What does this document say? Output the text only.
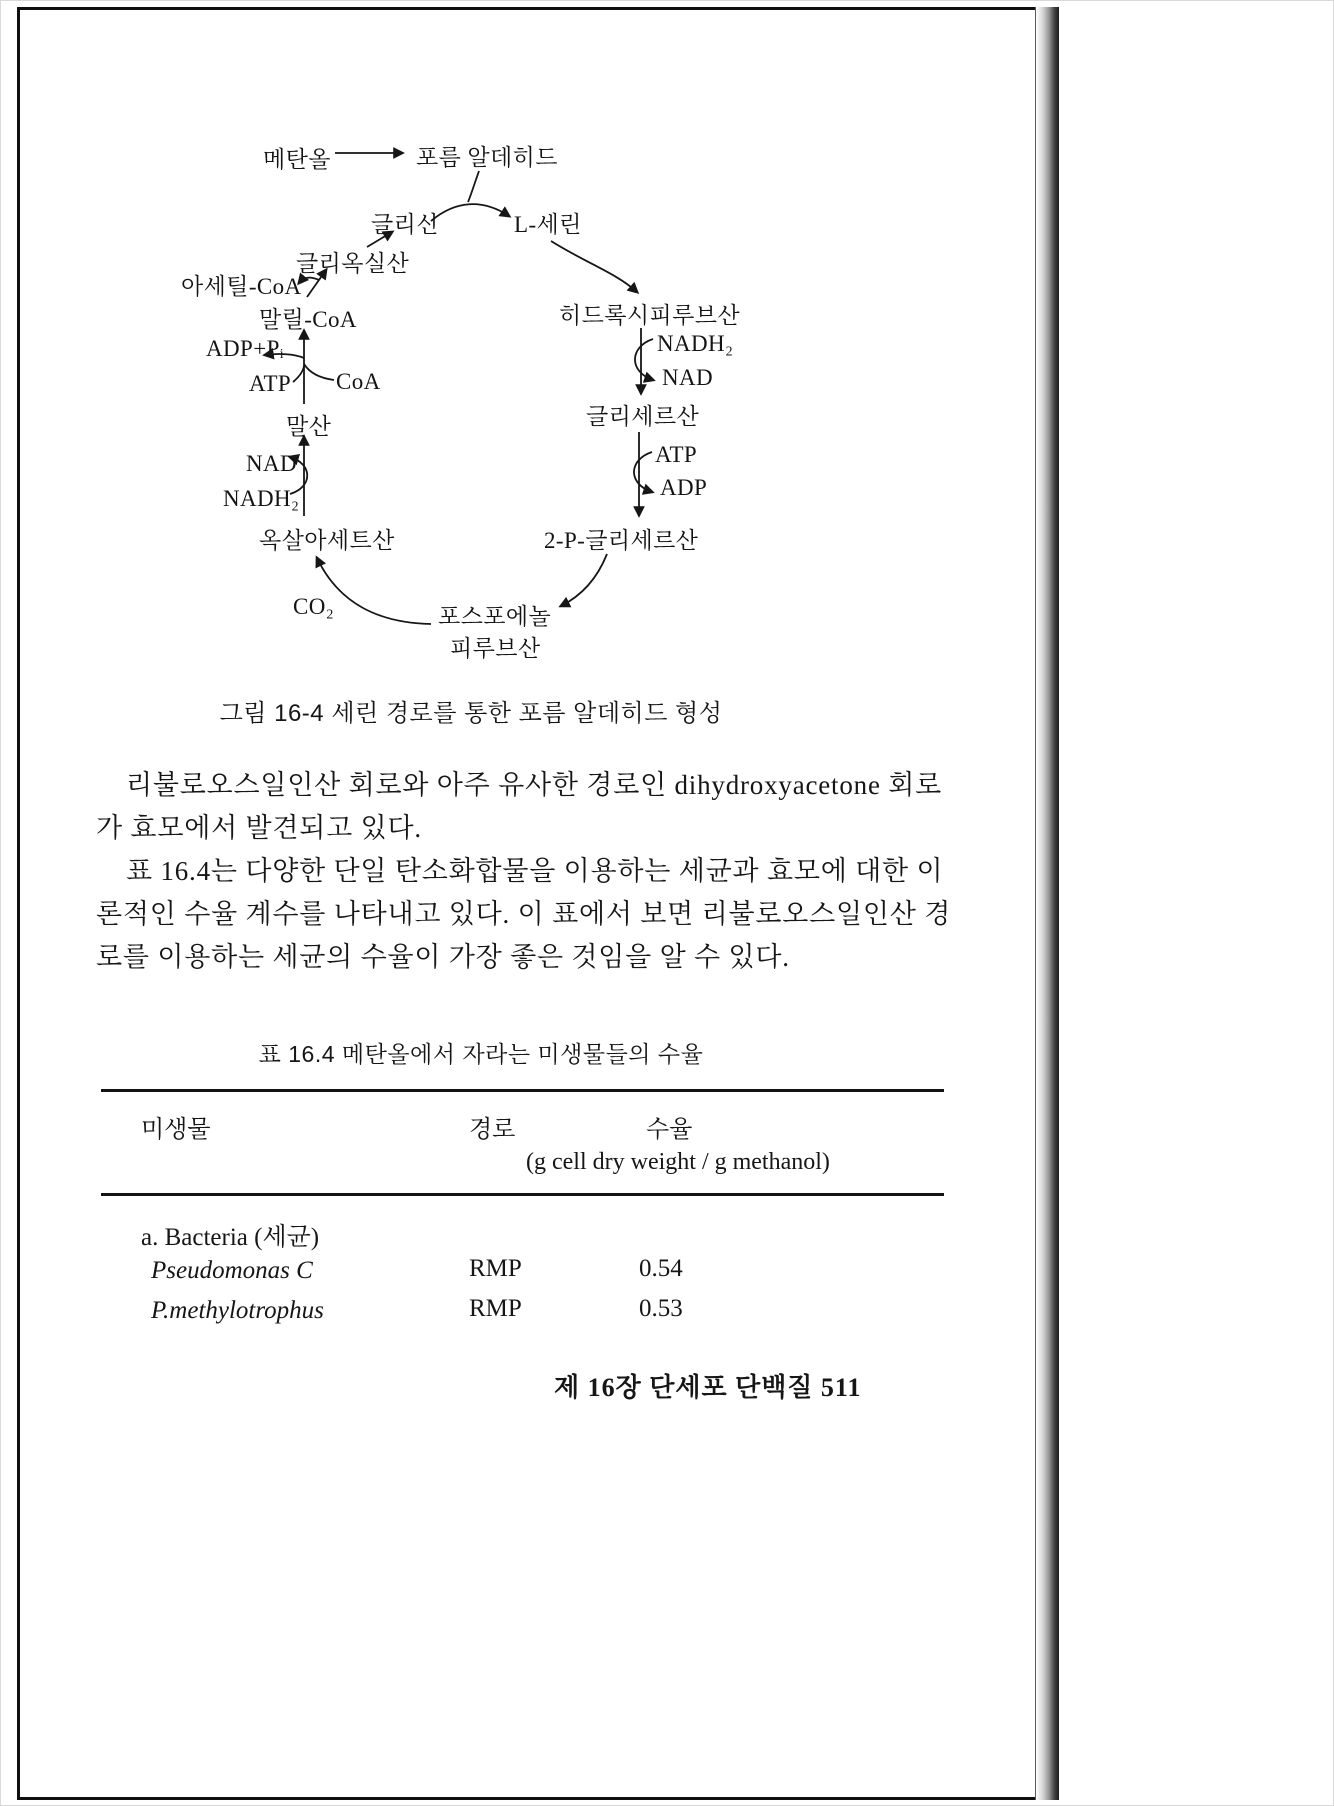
메탄올	포름 알데히드
글리신	L-세린
글리옥실산
아세틸-CoA
말릴-CoA
ADP+Pᵢ
ATP CoA
말산
NAD
NADH₂
옥살아세트산
CO₂	포스포에놀
피루브산
히드록시피루브산
NADH₂
NAD
글리세르산
ATP
ADP
2-P-글리세르산
그림 16-4 세린 경로를 통한 포름 알데히드 형성
리불로오스일인산 회로와 아주 유사한 경로인 dihydroxyacetone 회로
가 효모에서 발견되고 있다.
표 16.4는 다양한 단일 탄소화합물을 이용하는 세균과 효모에 대한 이
론적인 수율 계수를 나타내고 있다. 이 표에서 보면 리불로오스일인산 경
로를 이용하는 세균의 수율이 가장 좋은 것임을 알 수 있다.
표 16.4 메탄올에서 자라는 미생물들의 수율
미생물	경로	수율
(g cell dry weight / g methanol)
a. Bacteria (세균)
Pseudomonas C	RMP	0.54
P.methylotrophus	RMP	0.53
제 16장 단세포 단백질 511
